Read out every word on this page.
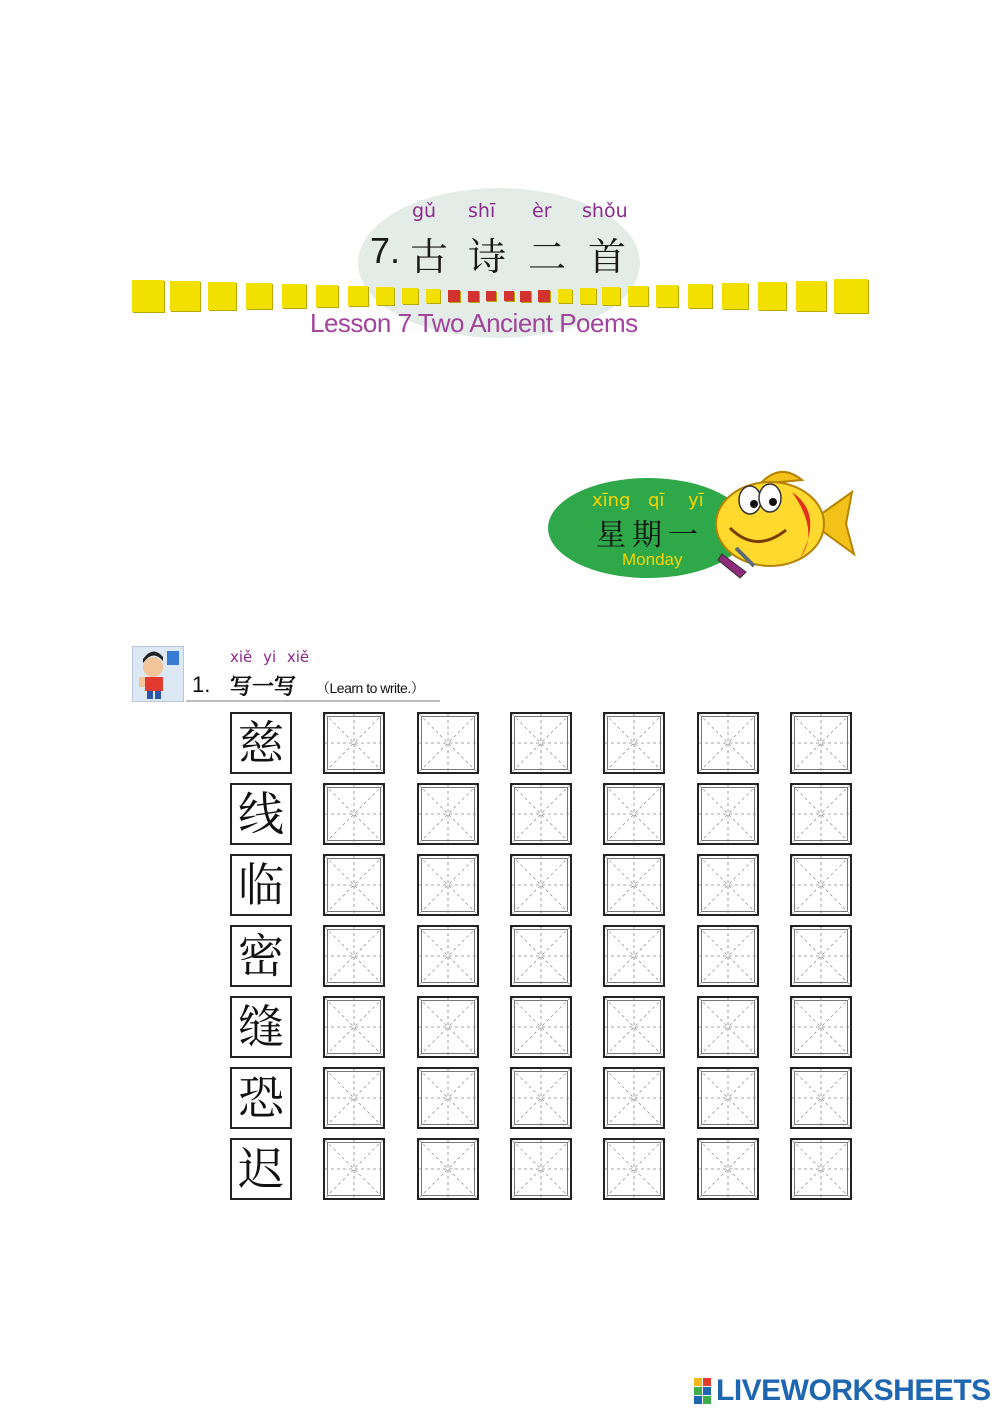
gǔ shī èr shǒu
7. 古 诗 二 首
Lesson 7 Two Ancient Poems
xīng qī yī
星期一
Monday
xiě yi xiě
1. 写一写 （Learn to write.）
慈
线
临
密
缝
恐
迟
LIVEWORKSHEETS
